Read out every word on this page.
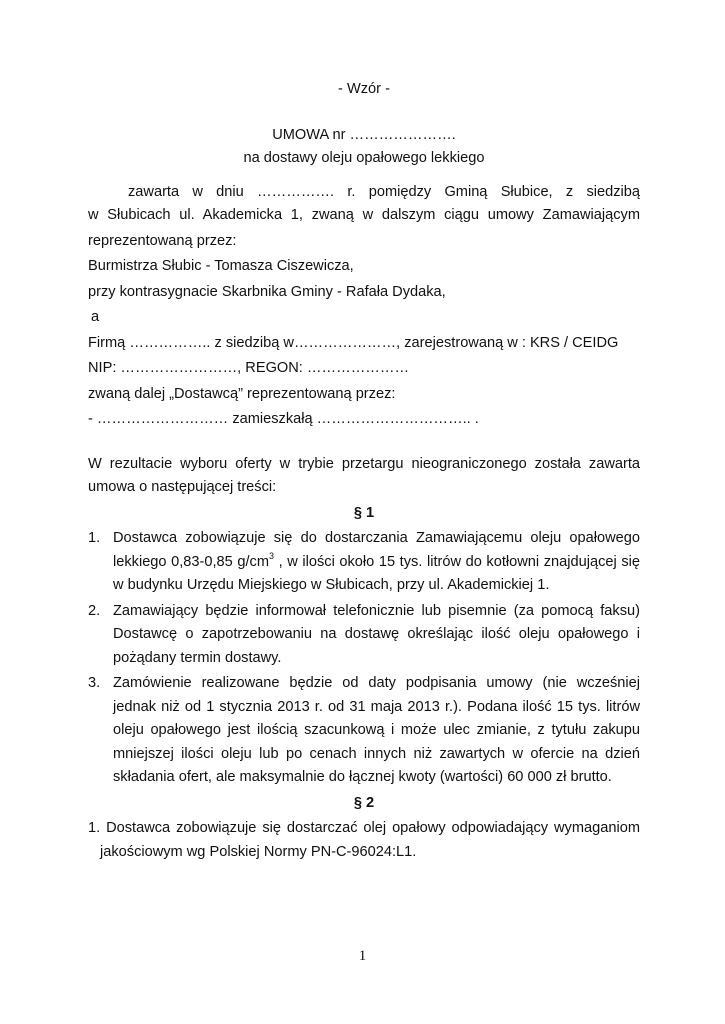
- Wzór -
UMOWA nr ………………….
na dostawy oleju opałowego lekkiego
zawarta w dniu ……………. r. pomiędzy Gminą Słubice, z siedzibą
w Słubicach ul. Akademicka 1, zwaną w dalszym ciągu umowy Zamawiającym
reprezentowaną przez:
Burmistrza Słubic - Tomasza Ciszewicza,
przy kontrasygnacie Skarbnika Gminy - Rafała Dydaka,
a
Firmą …………….. z siedzibą w…………………, zarejestrowaną w : KRS / CEIDG
NIP: ……………………, REGON: …………………
zwaną dalej „Dostawcą” reprezentowaną przez:
- ……………………… zamieszkałą ………………………….. .
W rezultacie wyboru oferty w trybie przetargu nieograniczonego została zawarta
umowa o następującej treści:
§ 1
1. Dostawca zobowiązuje się do dostarczania Zamawiającemu oleju opałowego
lekkiego 0,83-0,85 $g/cm^3$ , w ilości około 15 tys. litrów do kotłowni znajdującej się
w budynku Urzędu Miejskiego w Słubicach, przy ul. Akademickiej 1.
2. Zamawiający będzie informował telefonicznie lub pisemnie (za pomocą faksu) Dostawcę o zapotrzebowaniu na dostawę określając ilość oleju opałowego i pożądany termin dostawy.
3. Zamówienie realizowane będzie od daty podpisania umowy (nie wcześniej jednak niż od 1 stycznia 2013 r. od 31 maja 2013 r.). Podana ilość 15 tys. litrów oleju opałowego jest ilością szacunkową i może ulec zmianie, z tytułu zakupu mniejszej ilości oleju lub po cenach innych niż zawartych w ofercie na dzień składania ofert, ale maksymalnie do łącznej kwoty (wartości) 60 000 zł brutto.
§ 2
1. Dostawca zobowiązuje się dostarczać olej opałowy odpowiadający wymaganiom jakościowym wg Polskiej Normy PN-C-96024:L1.
1
